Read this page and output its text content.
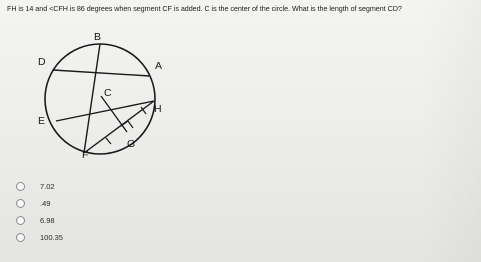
FH is 14 and <CFH is 86 degrees when segment CF is added. C is the center of the circle. What is the length of segment CD?
B
D	A
C
H
E
G
F
7.02
.49
6.98
100.35
